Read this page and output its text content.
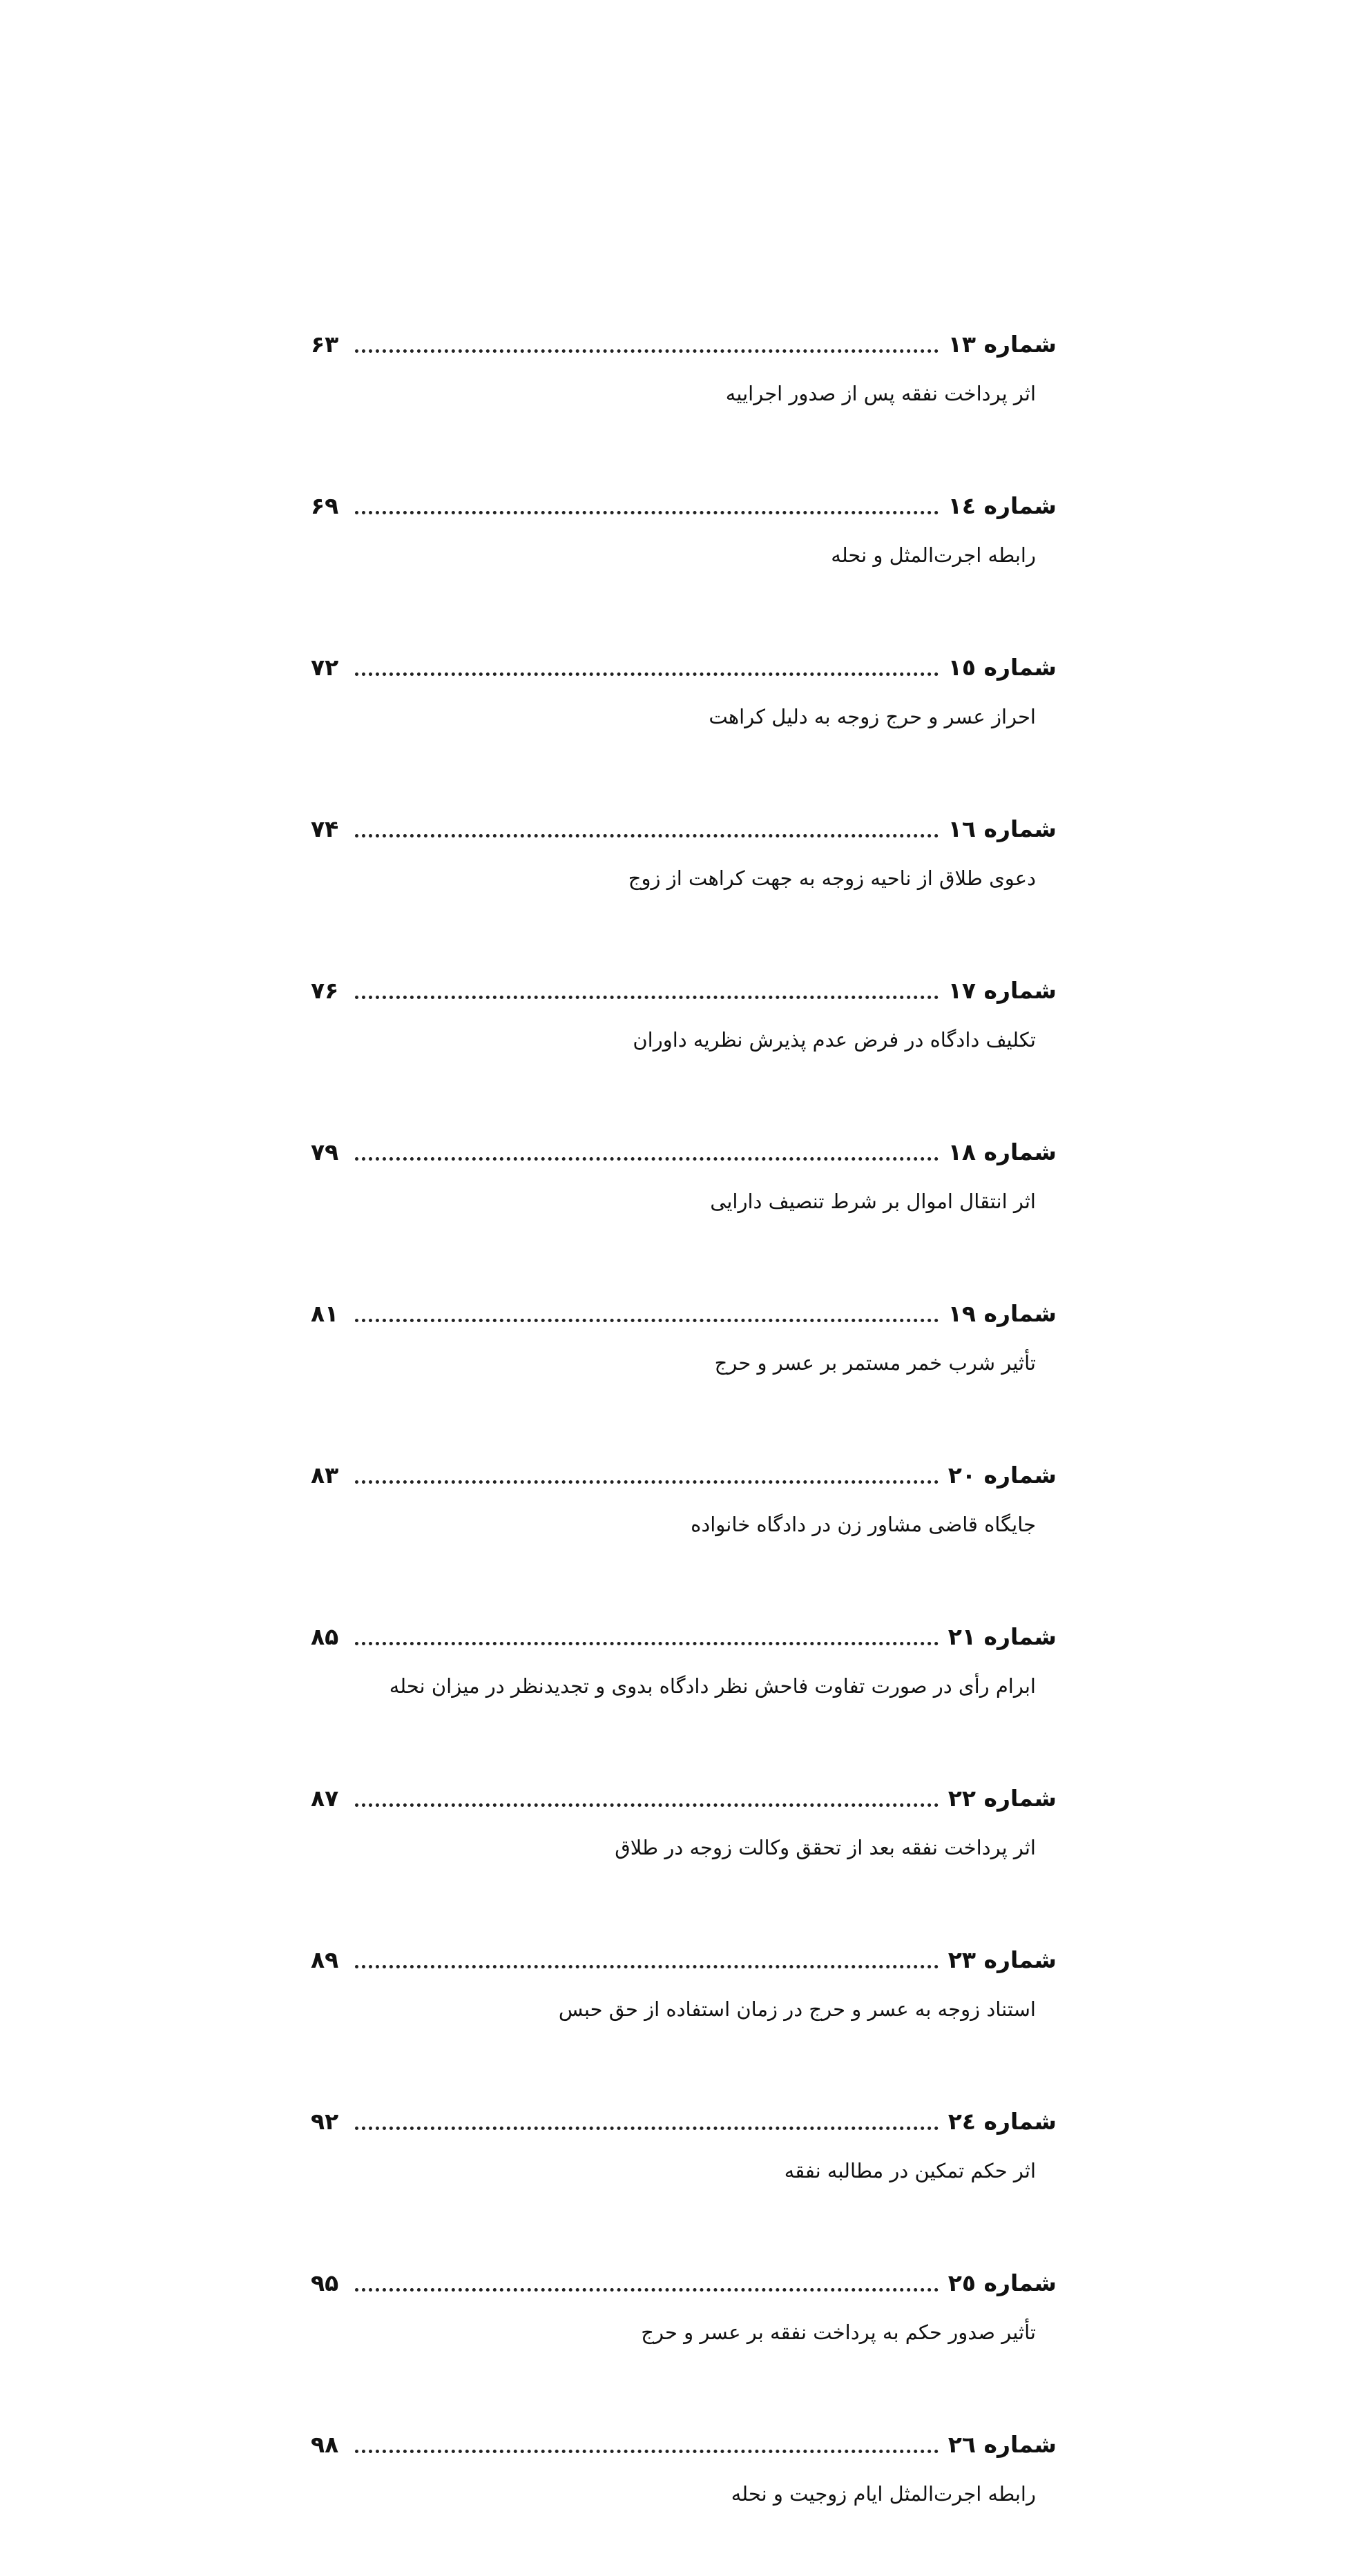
شماره ۱۳
۶۳
اثر پرداخت نفقه پس از صدور اجراییه
شماره ١٤
۶۹
رابطه اجرت‌المثل و نحله
شماره ١٥
۷۲
احراز عسر و حرج زوجه به دلیل کراهت
شماره ١٦
۷۴
دعوی طلاق از ناحیه زوجه به جهت کراهت از زوج
شماره ١٧
۷۶
تکلیف دادگاه در فرض عدم پذیرش نظریه داوران
شماره ١٨
۷۹
اثر انتقال اموال بر شرط تنصیف دارایی
شماره ١٩
۸۱
تأثیر شرب خمر مستمر بر عسر و حرج
شماره ٢٠
۸۳
جایگاه قاضی مشاور زن در دادگاه خانواده
شماره ٢١
۸۵
ابرام رأی در صورت تفاوت فاحش نظر دادگاه بدوی و تجدیدنظر در میزان نحله
شماره ٢٢
۸۷
اثر پرداخت نفقه بعد از تحقق وکالت زوجه در طلاق
شماره ٢٣
۸۹
استناد زوجه به عسر و حرج در زمان استفاده از حق حبس
شماره ٢٤
۹۲
اثر حکم تمکین در مطالبه نفقه
شماره ٢٥
۹۵
تأثیر صدور حکم به پرداخت نفقه بر عسر و حرج
شماره ٢٦
۹۸
رابطه اجرت‌المثل ایام زوجیت و نحله
